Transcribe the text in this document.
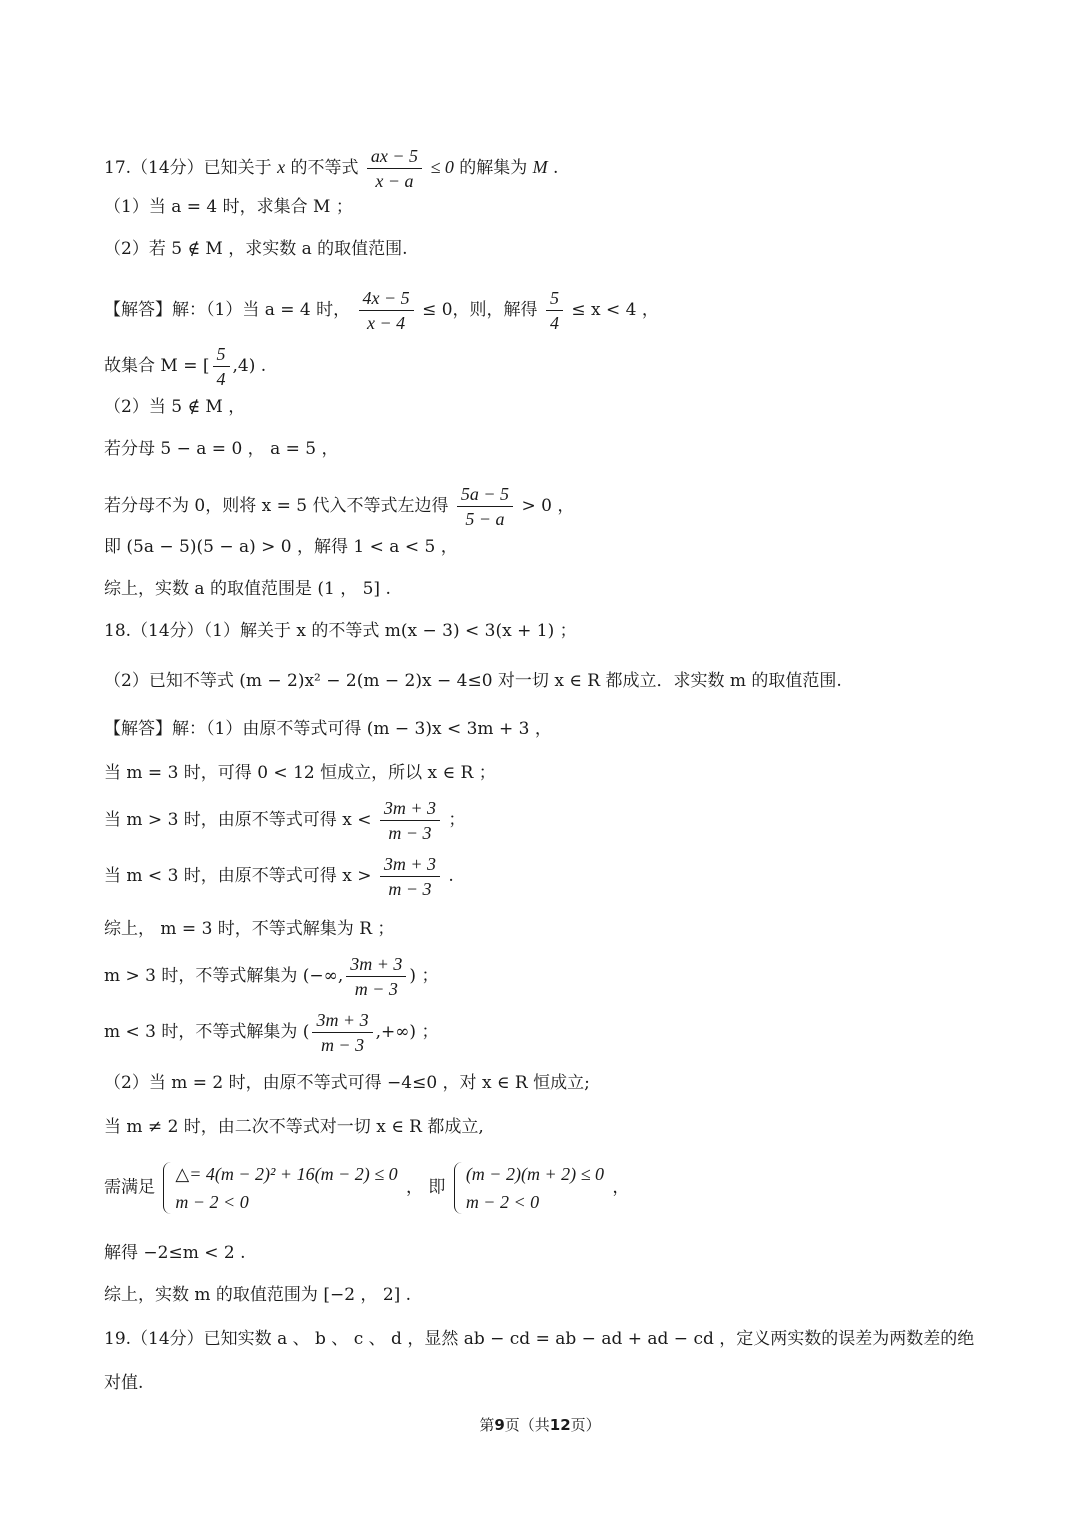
17.（14分）已知关于 x 的不等式 $\frac{ax - 5}{x - a} \le 0$ 的解集为 M .
（1）当 a = 4 时，求集合 M ；
（2）若 5 ∉ M ，求实数 a 的取值范围.
【解答】解：（1）当 a = 4 时， $\frac{4x - 5}{x - 4} \le 0$，则，解得 $\frac{5}{4} \le x < 4$ ，
故集合 M = [ $\frac{5}{4} ,4$) .
（2）当 5 ∉ M ，
若分母 5 − a = 0 ， a = 5 ，
若分母不为 0，则将 x = 5 代入不等式左边得 $\frac{5a - 5}{5 - a} > 0$ ，
即 (5a − 5)(5 − a) > 0 ，解得 1 < a < 5 ，
综上，实数 a 的取值范围是 (1 ， 5] .
18.（14分）（1）解关于 x 的不等式 m(x − 3) < 3(x + 1) ；
（2）已知不等式 (m − 2)x² − 2(m − 2)x − 4≤0 对一切 x ∈ R 都成立．求实数 m 的取值范围.
【解答】解：（1）由原不等式可得 (m − 3)x < 3m + 3 ，
当 m = 3 时，可得 0 < 12 恒成立，所以 x ∈ R ；
当 m > 3 时，由原不等式可得 $x < \frac{3m + 3}{m - 3}$ ；
当 m < 3 时，由原不等式可得 $x > \frac{3m + 3}{m - 3}$ .
综上， m = 3 时，不等式解集为 R ；
m > 3 时，不等式解集为 (−∞, $\frac{3m + 3}{m - 3}$ ) ；
m < 3 时，不等式解集为 ( $\frac{3m + 3}{m - 3}$ ,+∞) ；
（2）当 m = 2 时，由原不等式可得 −4≤0 ，对 x ∈ R 恒成立;
当 m ≠ 2 时，由二次不等式对一切 x ∈ R 都成立,
需满足
△= 4(m − 2)² + 16(m − 2) ≤ 0
m − 2 < 0
， 即
(m − 2)(m + 2) ≤ 0
m − 2 < 0
，
解得 −2≤m < 2 .
综上，实数 m 的取值范围为 [−2 ， 2] .
19.（14分）已知实数 a 、 b 、 c 、 d ，显然 ab − cd = ab − ad + ad − cd ，定义两实数的误差为两数差的绝
对值.
第9页（共12页）
